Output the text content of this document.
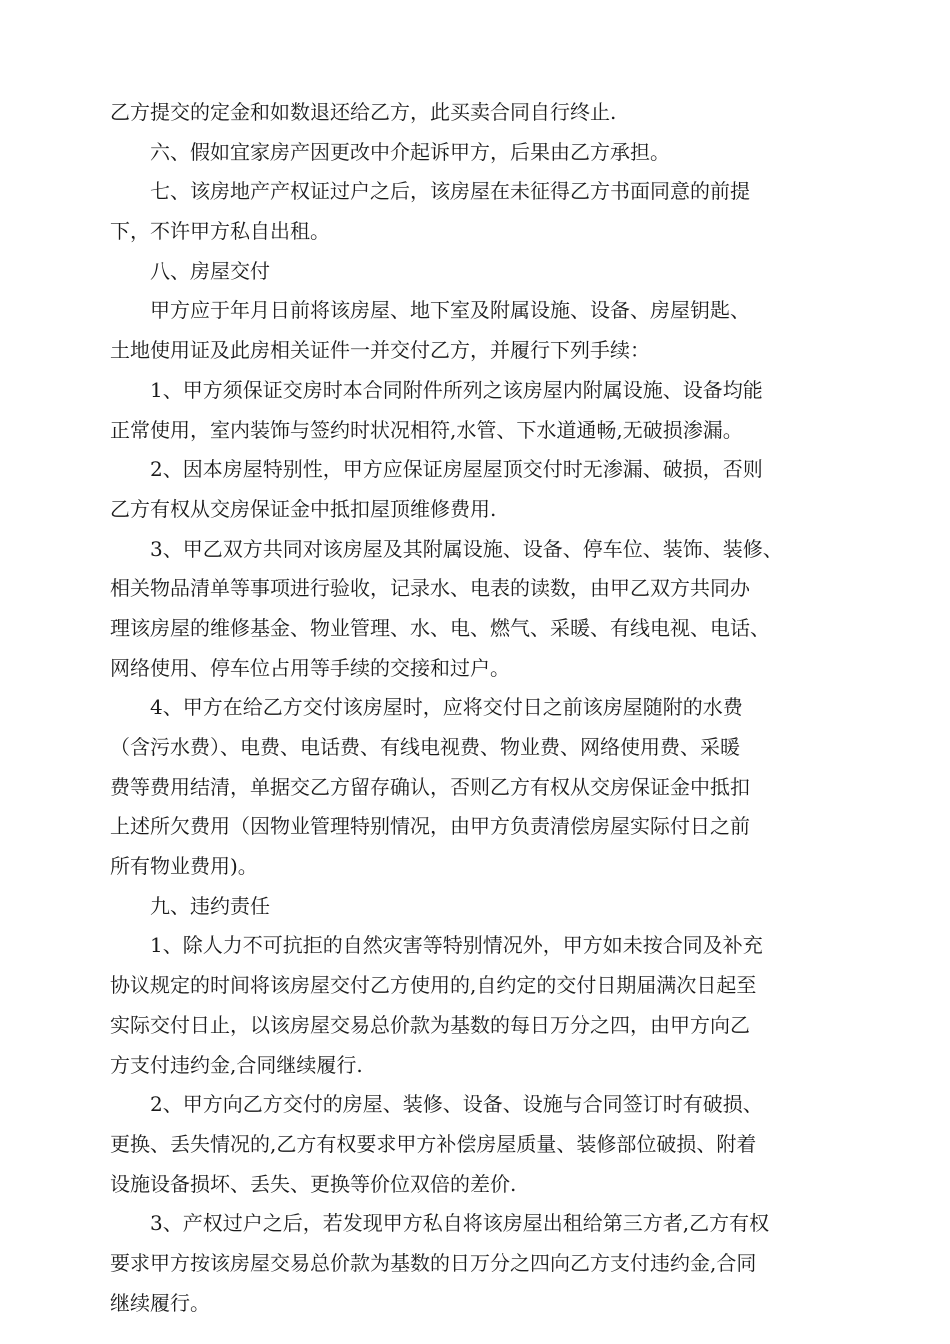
乙方提交的定金和如数退还给乙方，此买卖合同自行终止.
六、假如宜家房产因更改中介起诉甲方，后果由乙方承担。
七、该房地产产权证过户之后，该房屋在未征得乙方书面同意的前提
下，不许甲方私自出租。
八、房屋交付
甲方应于年月日前将该房屋、地下室及附属设施、设备、房屋钥匙、
土地使用证及此房相关证件一并交付乙方，并履行下列手续：
1、甲方须保证交房时本合同附件所列之该房屋内附属设施、设备均能
正常使用，室内装饰与签约时状况相符,水管、下水道通畅,无破损渗漏。
2、因本房屋特别性，甲方应保证房屋屋顶交付时无渗漏、破损，否则
乙方有权从交房保证金中抵扣屋顶维修费用.
3、甲乙双方共同对该房屋及其附属设施、设备、停车位、装饰、装修、
相关物品清单等事项进行验收，记录水、电表的读数，由甲乙双方共同办
理该房屋的维修基金、物业管理、水、电、燃气、采暖、有线电视、电话、
网络使用、停车位占用等手续的交接和过户。
4、甲方在给乙方交付该房屋时，应将交付日之前该房屋随附的水费
（含污水费）、电费、电话费、有线电视费、物业费、网络使用费、采暖
费等费用结清，单据交乙方留存确认，否则乙方有权从交房保证金中抵扣
上述所欠费用（因物业管理特别情况，由甲方负责清偿房屋实际付日之前
所有物业费用)。
九、违约责任
1、除人力不可抗拒的自然灾害等特别情况外，甲方如未按合同及补充
协议规定的时间将该房屋交付乙方使用的,自约定的交付日期届满次日起至
实际交付日止，以该房屋交易总价款为基数的每日万分之四，由甲方向乙
方支付违约金,合同继续履行.
2、甲方向乙方交付的房屋、装修、设备、设施与合同签订时有破损、
更换、丢失情况的,乙方有权要求甲方补偿房屋质量、装修部位破损、附着
设施设备损坏、丢失、更换等价位双倍的差价.
3、产权过户之后，若发现甲方私自将该房屋出租给第三方者,乙方有权
要求甲方按该房屋交易总价款为基数的日万分之四向乙方支付违约金,合同
继续履行。
